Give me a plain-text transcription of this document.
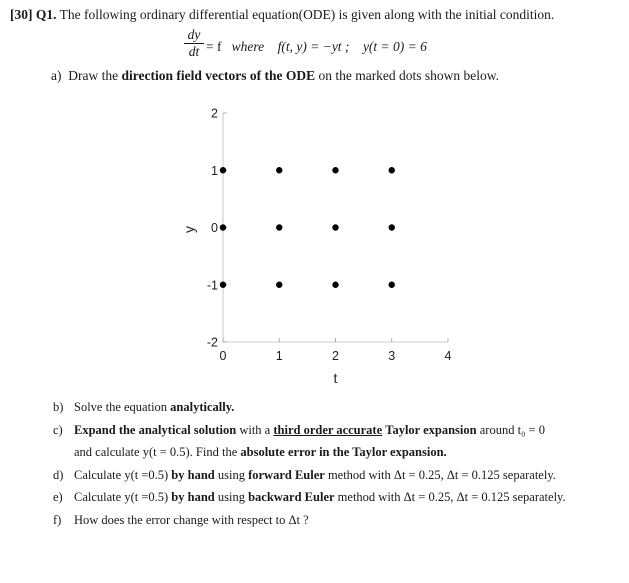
[30] Q1. The following ordinary differential equation(ODE) is given along with the initial condition.
dy
dt = f where f(t, y) = −yt ; y(t = 0) = 6
a) Draw the direction field vectors of the ODE on the marked dots shown below.
0	1	2	3	4
-2
-1
0
1
2
t
y
b) Solve the equation analytically.
c) Expand the analytical solution with a third order accurate Taylor expansion around t₀ = 0
and calculate y(t = 0.5). Find the absolute error in the Taylor expansion.
d) Calculate y(t =0.5) by hand using forward Euler method with Δt = 0.25, Δt = 0.125 separately.
e) Calculate y(t =0.5) by hand using backward Euler method with Δt = 0.25, Δt = 0.125 separately.
f) How does the error change with respect to Δt ?
